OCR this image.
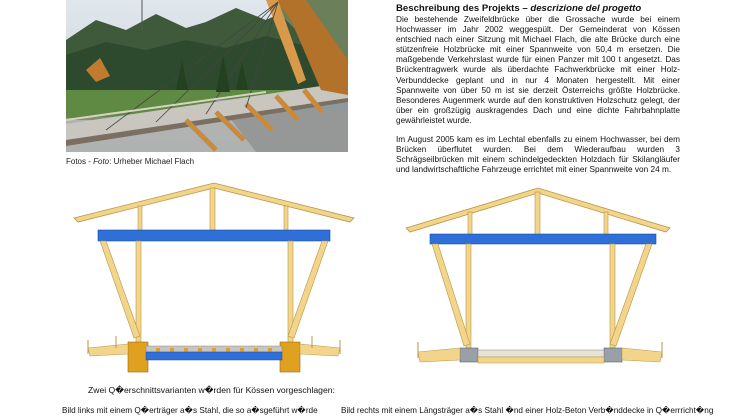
Fotos - Foto: Urheber Michael Flach
Beschreibung des Projekts – descrizione del progetto

Die bestehende Zweifeldbrücke über die Grossache wurde bei einem Hochwasser im Jahr 2002 weggespült. Der Gemeinderat von Kössen entschied nach einer Sitzung mit Michael Flach, die alte Brücke durch eine stützenfreie Holzbrücke mit einer Spannweite von 50,4 m ersetzen. Die maßgebende Verkehrslast wurde für einen Panzer mit 100 t angesetzt. Das Brückentragwerk wurde als überdachte Fachwerkbrücke mit einer Holz-Verbunddecke geplant und in nur 4 Monaten hergestellt. Mit einer Spannweite von über 50 m ist sie derzeit Österreichs größte Holzbrücke. Besonderes Augenmerk wurde auf den konstruktiven Holzschutz gelegt, der über ein großzügig auskragendes Dach und eine dichte Fahrbahnplatte gewährleistet wurde.

Im August 2005 kam es im Lechtal ebenfalls zu einem Hochwasser, bei dem Brücken überflutet wurden. Bei dem Wiederaufbau wurden 3 Schrägseilbrücken mit einem schindelgedeckten Holzdach für Skilangläufer und landwirtschaftliche Fahrzeuge errichtet mit einer Spannweite von 24 m.

Zwei Q�erschnittsvarianten w�rden für Kössen vorgeschlagen:
Bild links mit einem Q�erträger a�s Stahl, die so a�sgeführt w�rde	Bild rechts mit einem Längsträger a�s Stahl �nd einer Holz-Beton Verb�nddecke in Q�errricht�ng
